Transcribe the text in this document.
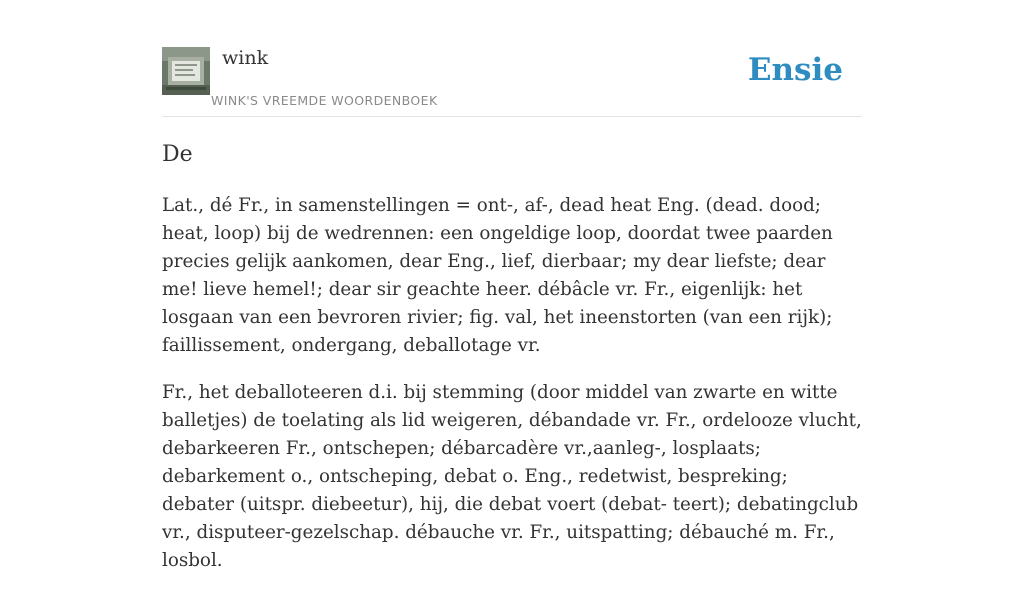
wink
WINK'S VREEMDE WOORDENBOEK
Ensie
De

Lat., dé Fr., in samenstellingen = ont-, af-, dead heat Eng. (dead. dood; heat, loop) bij de wedrennen: een ongeldige loop, doordat twee paarden precies gelijk aankomen, dear Eng., lief, dierbaar; my dear liefste; dear me! lieve hemel!; dear sir geachte heer. débâcle vr. Fr., eigenlijk: het losgaan van een bevroren rivier; fig. val, het ineenstorten (van een rijk); faillissement, ondergang, deballotage vr.

Fr., het deballoteeren d.i. bij stemming (door middel van zwarte en witte balletjes) de toelating als lid weigeren, débandade vr. Fr., ordelooze vlucht, debarkeeren Fr., ontschepen; débarcadère vr.,aanleg-, losplaats; debarkement o., ontscheping, debat o. Eng., redetwist, bespreking; debater (uitspr. diebeetur), hij, die debat voert (debat- teert); debatingclub vr., disputeer-gezelschap. débauche vr. Fr., uitspatting; débauché m. Fr., losbol.
